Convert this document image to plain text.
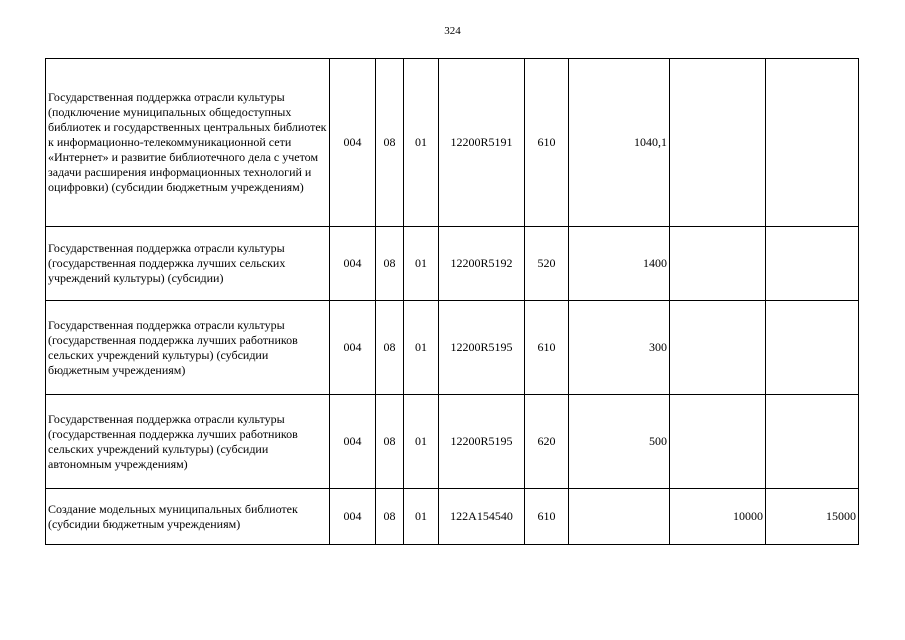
324
Государственная поддержка отрасли культуры (подключение муниципальных общедоступных библиотек и государственных центральных библиотек к информационно-телекоммуникационной сети «Интернет» и развитие библиотечного дела с учетом задачи расширения информационных технологий и оцифровки) (субсидии бюджетным учреждениям)	004	08	01	12200R5191	610	1040,1		
Государственная поддержка отрасли культуры (государственная поддержка лучших сельских учреждений культуры) (субсидии)	004	08	01	12200R5192	520	1400		
Государственная поддержка отрасли культуры (государственная поддержка лучших работников сельских учреждений культуры) (субсидии бюджетным учреждениям)	004	08	01	12200R5195	610	300		
Государственная поддержка отрасли культуры (государственная поддержка лучших работников сельских учреждений культуры) (субсидии автономным учреждениям)	004	08	01	12200R5195	620	500		
Создание модельных муниципальных библиотек (субсидии бюджетным учреждениям)	004	08	01	122A154540	610		10000	15000
